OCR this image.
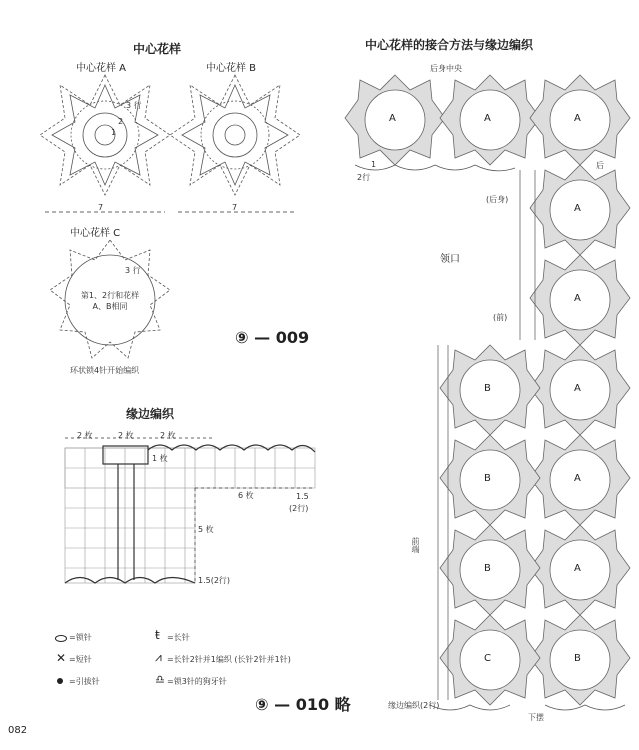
中心花样
中心花样 A	中心花样 B
3 行
2
1
7	7
中心花样 C
3 行
第1、2行和花样A、B相同
环状锁4针开始编织
⑨ — 009
缘边编织
2 枚	2 枚	2 枚
1 枚
6 枚	1.5
(2行)
5 枚
1.5(2行)
=锁针
✕ =短针
=引拔针
ŧ =长针
⩘ =长针2针并1编织 (长针2针并1针)
♎ =锁3针的狗牙针
⑨ — 010 略
082
中心花样的接合方法与缘边编织
后身中央
A	A	A
A
A
A
A
A
B
B
B
B
C
1
2行
后
(后身)
领口
(前)
前端
缘边编织(2行)
下摆
